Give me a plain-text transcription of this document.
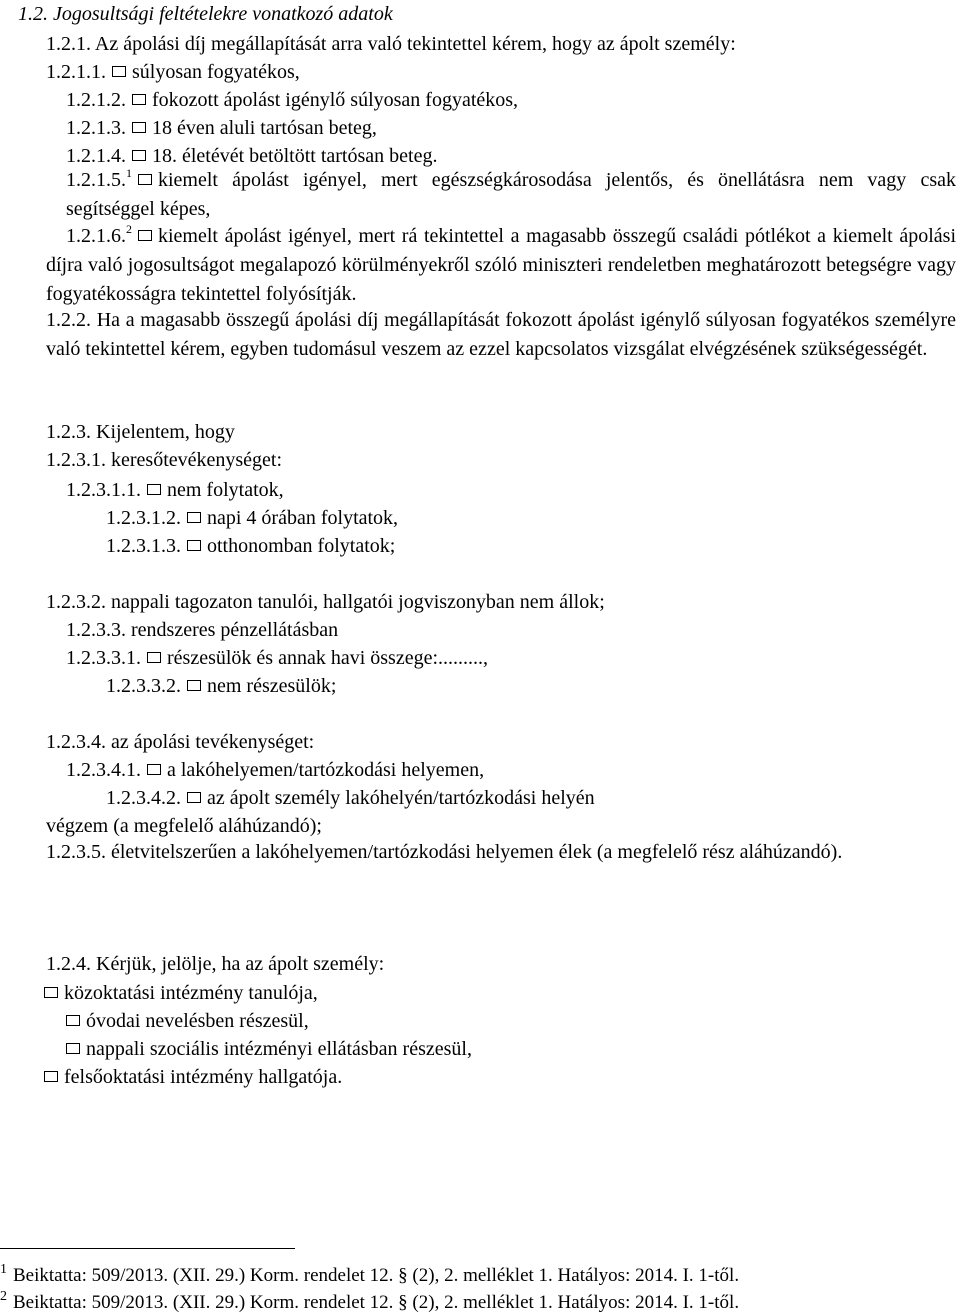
1.2. Jogosultsági feltételekre vonatkozó adatok
1.2.1. Az ápolási díj megállapítását arra való tekintettel kérem, hogy az ápolt személy:
1.2.1.1. súlyosan fogyatékos,
1.2.1.2. fokozott ápolást igénylő súlyosan fogyatékos,
1.2.1.3. 18 éven aluli tartósan beteg,
1.2.1.4. 18. életévét betöltött tartósan beteg.
1.2.1.5.$^1$ kiemelt ápolást igényel, mert egészségkárosodása jelentős, és önellátásra nem vagy csak segítséggel képes,
1.2.1.6.$^2$ kiemelt ápolást igényel, mert rá tekintettel a magasabb összegű családi pótlékot a kiemelt ápolási díjra való jogosultságot megalapozó körülményekről szóló miniszteri rendeletben meghatározott betegségre vagy fogyatékosságra tekintettel folyósítják.
1.2.2. Ha a magasabb összegű ápolási díj megállapítását fokozott ápolást igénylő súlyosan fogyatékos személyre való tekintettel kérem, egyben tudomásul veszem az ezzel kapcsolatos vizsgálat elvégzésének szükségességét.
1.2.3. Kijelentem, hogy
1.2.3.1. keresőtevékenységet:
1.2.3.1.1. nem folytatok,
1.2.3.1.2. napi 4 órában folytatok,
1.2.3.1.3. otthonomban folytatok;
1.2.3.2. nappali tagozaton tanulói, hallgatói jogviszonyban nem állok;
1.2.3.3. rendszeres pénzellátásban
1.2.3.3.1. részesülök és annak havi összege:.........,
1.2.3.3.2. nem részesülök;
1.2.3.4. az ápolási tevékenységet:
1.2.3.4.1. a lakóhelyemen/tartózkodási helyemen,
1.2.3.4.2. az ápolt személy lakóhelyén/tartózkodási helyén
végzem (a megfelelő aláhúzandó);
1.2.3.5. életvitelszerűen a lakóhelyemen/tartózkodási helyemen élek (a megfelelő rész aláhúzandó).
1.2.4. Kérjük, jelölje, ha az ápolt személy:
közoktatási intézmény tanulója,
óvodai nevelésben részesül,
nappali szociális intézményi ellátásban részesül,
felsőoktatási intézmény hallgatója.
$^1$ Beiktatta: 509/2013. (XII. 29.) Korm. rendelet 12. § (2), 2. melléklet 1. Hatályos: 2014. I. 1-től.
$^2$ Beiktatta: 509/2013. (XII. 29.) Korm. rendelet 12. § (2), 2. melléklet 1. Hatályos: 2014. I. 1-től.
